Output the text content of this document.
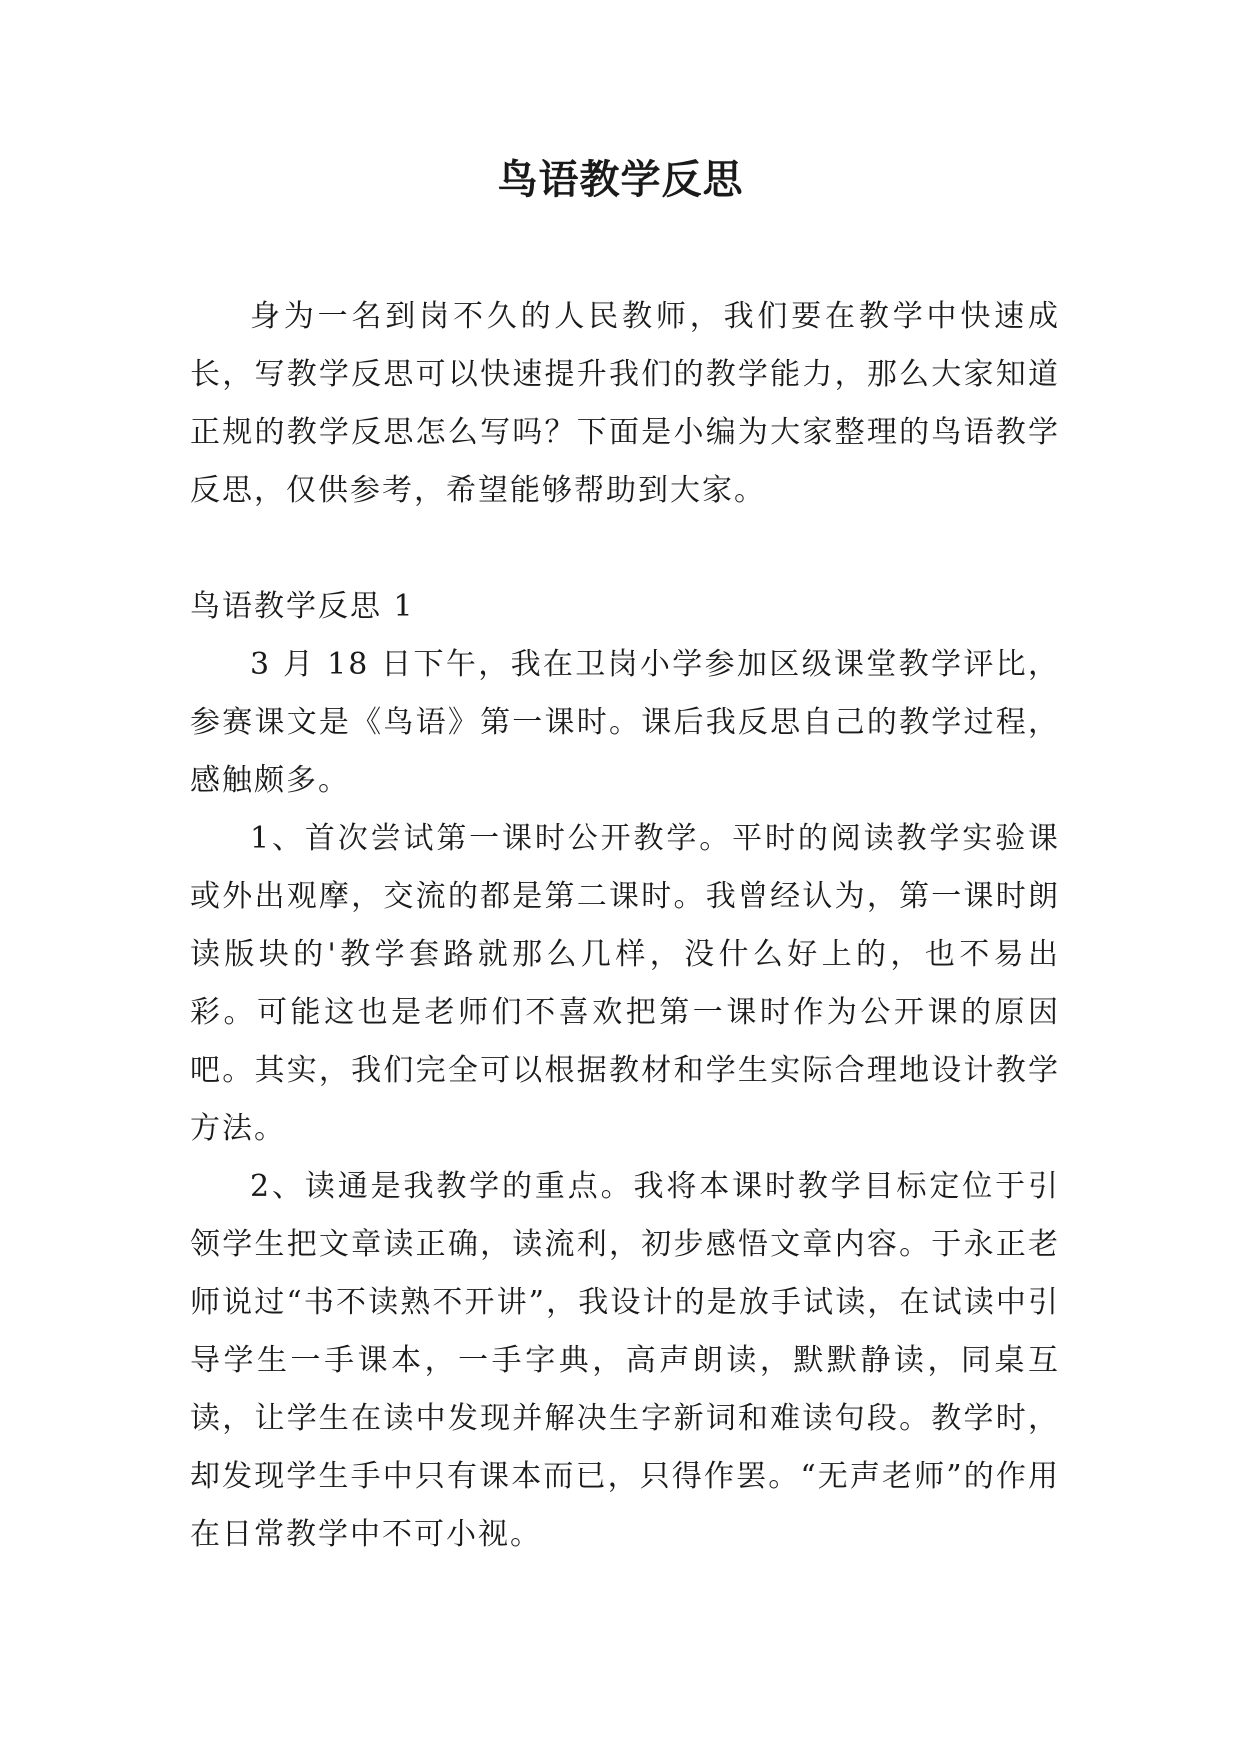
鸟语教学反思

身为一名到岗不久的人民教师，我们要在教学中快速成长，写教学反思可以快速提升我们的教学能力，那么大家知道正规的教学反思怎么写吗？下面是小编为大家整理的鸟语教学反思，仅供参考，希望能够帮助到大家。

鸟语教学反思 1

3 月 18 日下午，我在卫岗小学参加区级课堂教学评比，参赛课文是《鸟语》第一课时。课后我反思自己的教学过程，感触颇多。

1、首次尝试第一课时公开教学。平时的阅读教学实验课或外出观摩，交流的都是第二课时。我曾经认为，第一课时朗读版块的'教学套路就那么几样，没什么好上的，也不易出彩。可能这也是老师们不喜欢把第一课时作为公开课的原因吧。其实，我们完全可以根据教材和学生实际合理地设计教学方法。

2、读通是我教学的重点。我将本课时教学目标定位于引领学生把文章读正确，读流利，初步感悟文章内容。于永正老师说过“书不读熟不开讲”，我设计的是放手试读，在试读中引导学生一手课本，一手字典，高声朗读，默默静读，同桌互读，让学生在读中发现并解决生字新词和难读句段。教学时，却发现学生手中只有课本而已，只得作罢。“无声老师”的作用在日常教学中不可小视。
